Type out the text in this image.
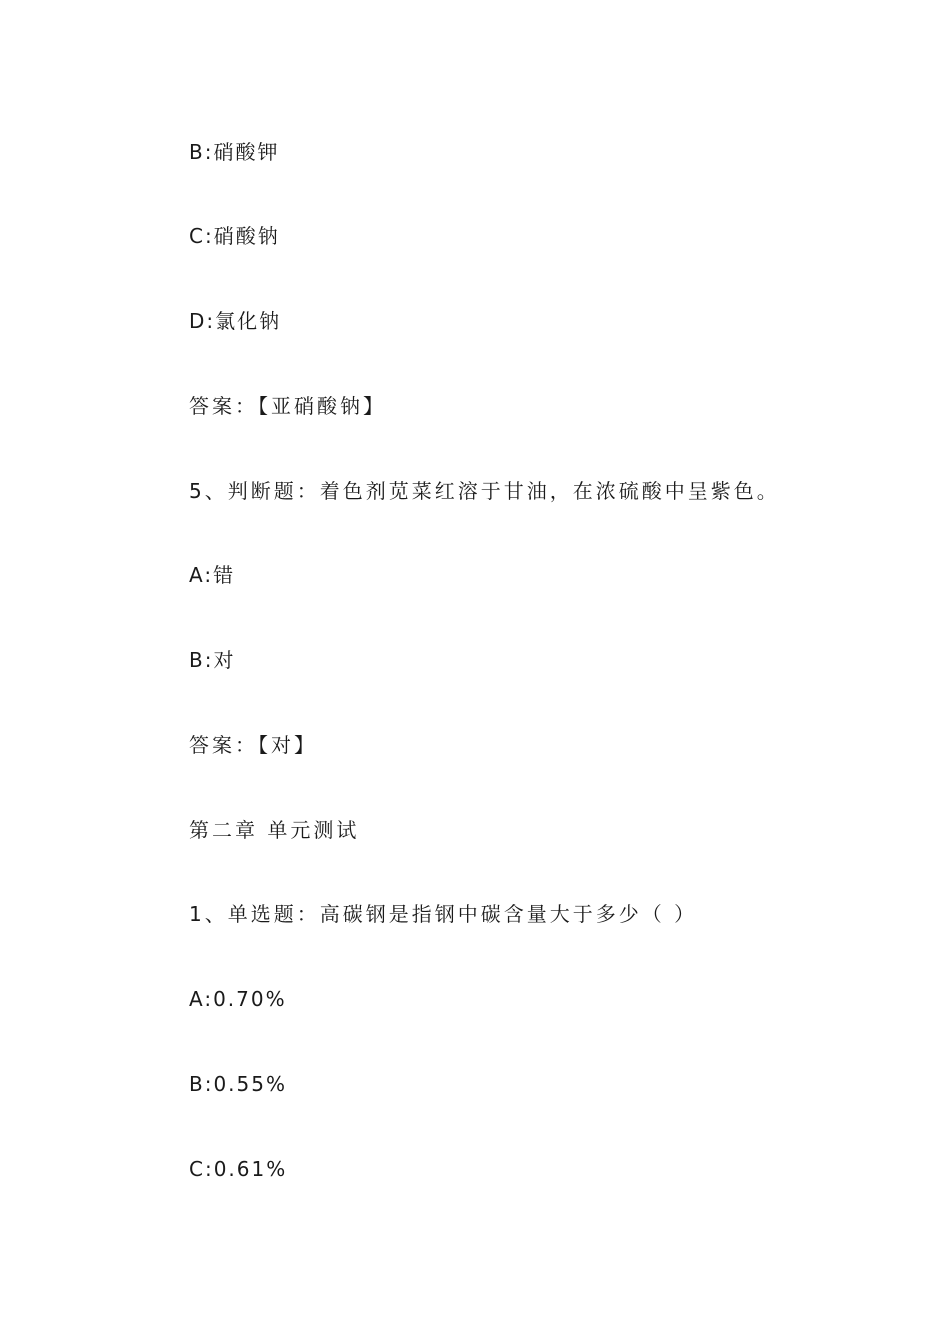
B:硝酸钾
C:硝酸钠
D:氯化钠
答案：【亚硝酸钠】
5、判断题：着色剂苋菜红溶于甘油，在浓硫酸中呈紫色。
A:错
B:对
答案：【对】
第二章 单元测试
1、单选题：高碳钢是指钢中碳含量大于多少（ ）
A:0.70%
B:0.55%
C:0.61%
